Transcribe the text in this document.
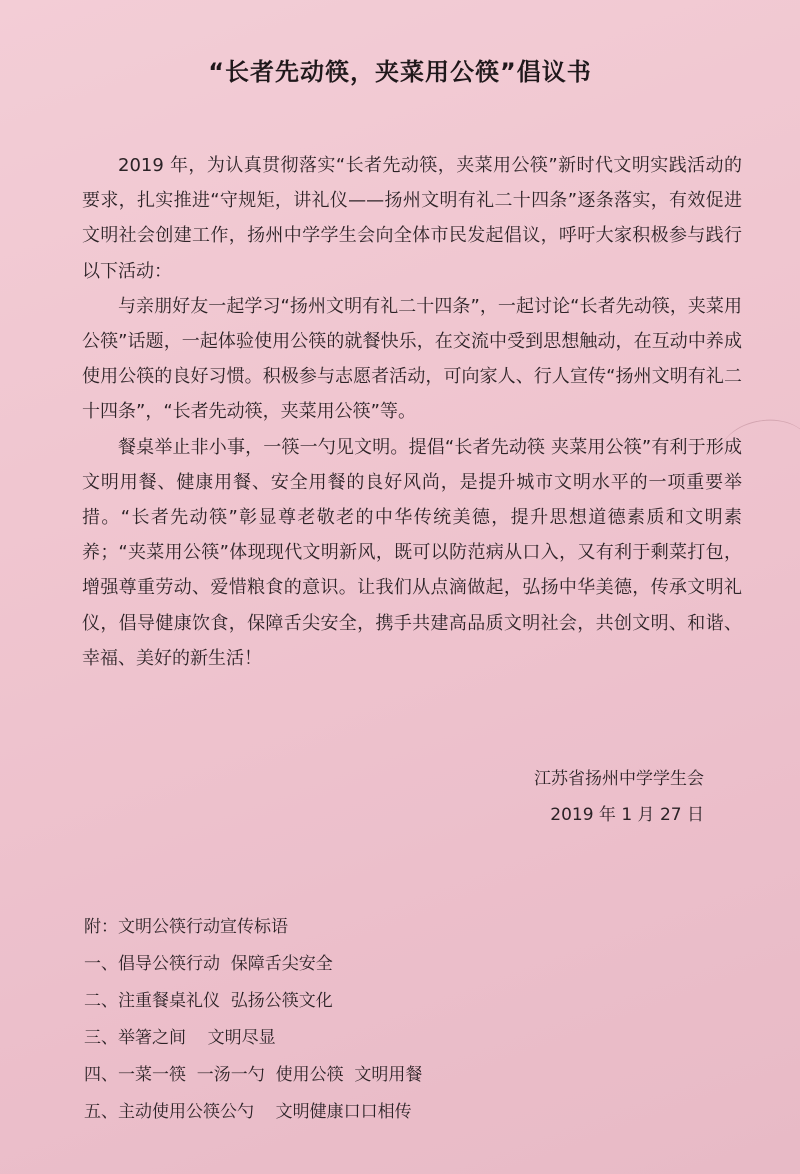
“长者先动筷，夹菜用公筷”倡议书

2019 年，为认真贯彻落实“长者先动筷，夹菜用公筷”新时代文明实践活动的要求，扎实推进“守规矩，讲礼仪——扬州文明有礼二十四条”逐条落实，有效促进文明社会创建工作，扬州中学学生会向全体市民发起倡议，呼吁大家积极参与践行以下活动：

与亲朋好友一起学习“扬州文明有礼二十四条”，一起讨论“长者先动筷，夹菜用公筷”话题，一起体验使用公筷的就餐快乐，在交流中受到思想触动，在互动中养成使用公筷的良好习惯。积极参与志愿者活动，可向家人、行人宣传“扬州文明有礼二十四条”，“长者先动筷，夹菜用公筷”等。

餐桌举止非小事，一筷一勺见文明。提倡“长者先动筷 夹菜用公筷”有利于形成文明用餐、健康用餐、安全用餐的良好风尚，是提升城市文明水平的一项重要举措。“长者先动筷”彰显尊老敬老的中华传统美德，提升思想道德素质和文明素养；“夹菜用公筷”体现现代文明新风，既可以防范病从口入，又有利于剩菜打包，增强尊重劳动、爱惜粮食的意识。让我们从点滴做起，弘扬中华美德，传承文明礼仪，倡导健康饮食，保障舌尖安全，携手共建高品质文明社会，共创文明、和谐、幸福、美好的新生活！

江苏省扬州中学学生会
2019 年 1 月 27 日

附：文明公筷行动宣传标语

一、倡导公筷行动  保障舌尖安全

二、注重餐桌礼仪  弘扬公筷文化

三、举箸之间    文明尽显

四、一菜一筷  一汤一勺  使用公筷  文明用餐

五、主动使用公筷公勺    文明健康口口相传
